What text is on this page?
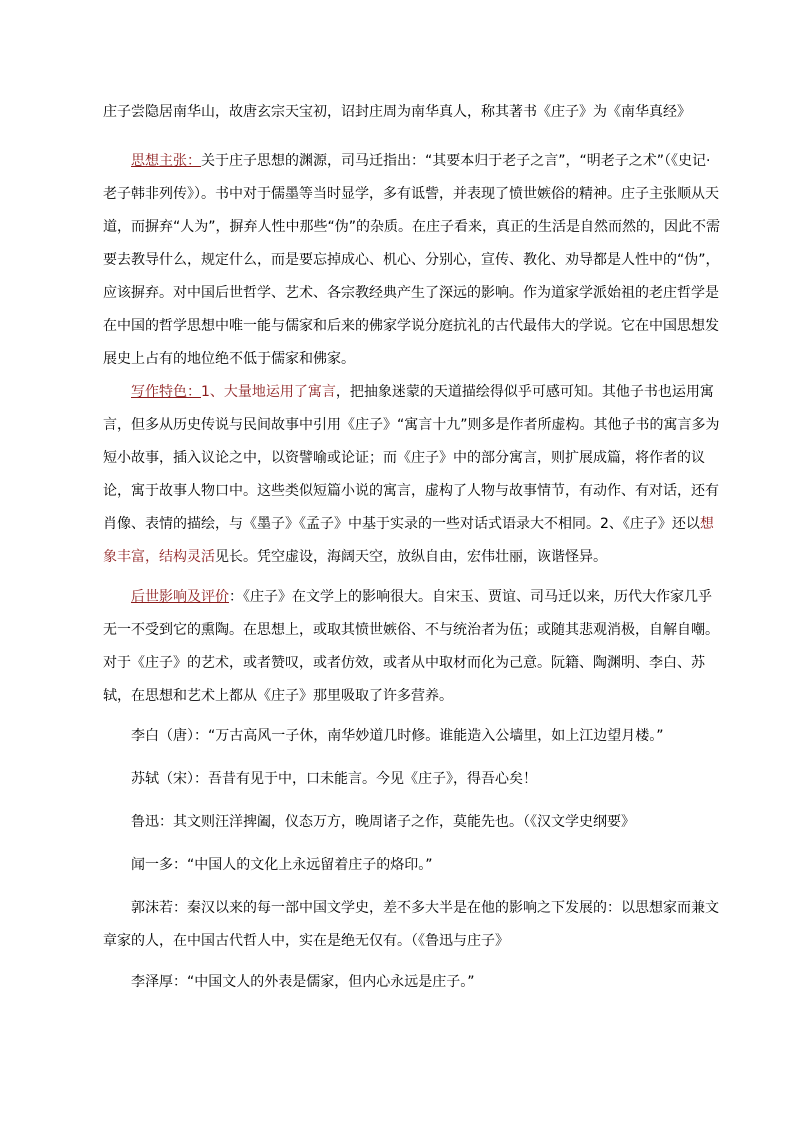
庄子尝隐居南华山，故唐玄宗天宝初，诏封庄周为南华真人，称其著书《庄子》为《南华真经》

思想主张：关于庄子思想的渊源，司马迁指出：“其要本归于老子之言”，“明老子之术”（《史记·老子韩非列传》）。书中对于儒墨等当时显学，多有诋訾，并表现了愤世嫉俗的精神。庄子主张顺从天道，而摒弃“人为”，摒弃人性中那些“伪”的杂质。在庄子看来，真正的生活是自然而然的，因此不需要去教导什么，规定什么，而是要忘掉成心、机心、分别心，宣传、教化、劝导都是人性中的“伪”，应该摒弃。对中国后世哲学、艺术、各宗教经典产生了深远的影响。作为道家学派始祖的老庄哲学是在中国的哲学思想中唯一能与儒家和后来的佛家学说分庭抗礼的古代最伟大的学说。它在中国思想发展史上占有的地位绝不低于儒家和佛家。

写作特色：1、大量地运用了寓言，把抽象迷蒙的天道描绘得似乎可感可知。其他子书也运用寓言，但多从历史传说与民间故事中引用《庄子》“寓言十九”则多是作者所虚构。其他子书的寓言多为短小故事，插入议论之中，以资譬喻或论证；而《庄子》中的部分寓言，则扩展成篇，将作者的议论，寓于故事人物口中。这些类似短篇小说的寓言，虚构了人物与故事情节，有动作、有对话，还有肖像、表情的描绘，与《墨子》《孟子》中基于实录的一些对话式语录大不相同。2、《庄子》还以想象丰富，结构灵活见长。凭空虚设，海阔天空，放纵自由，宏伟壮丽，诙谐怪异。

后世影响及评价：《庄子》在文学上的影响很大。自宋玉、贾谊、司马迁以来，历代大作家几乎无一不受到它的熏陶。在思想上，或取其愤世嫉俗、不与统治者为伍；或随其悲观消极，自解自嘲。对于《庄子》的艺术，或者赞叹，或者仿效，或者从中取材而化为己意。阮籍、陶渊明、李白、苏轼，在思想和艺术上都从《庄子》那里吸取了许多营养。

李白（唐）：“万古高风一子休，南华妙道几时修。谁能造入公墙里，如上江边望月楼。”

苏轼（宋）：吾昔有见于中，口未能言。今见《庄子》，得吾心矣！

鲁迅：其文则汪洋捭阖，仪态万方，晚周诸子之作，莫能先也。（《汉文学史纲要》

闻一多：“中国人的文化上永远留着庄子的烙印。”

郭沫若：秦汉以来的每一部中国文学史，差不多大半是在他的影响之下发展的：以思想家而兼文章家的人，在中国古代哲人中，实在是绝无仅有。（《鲁迅与庄子》

李泽厚：“中国文人的外表是儒家，但内心永远是庄子。”
